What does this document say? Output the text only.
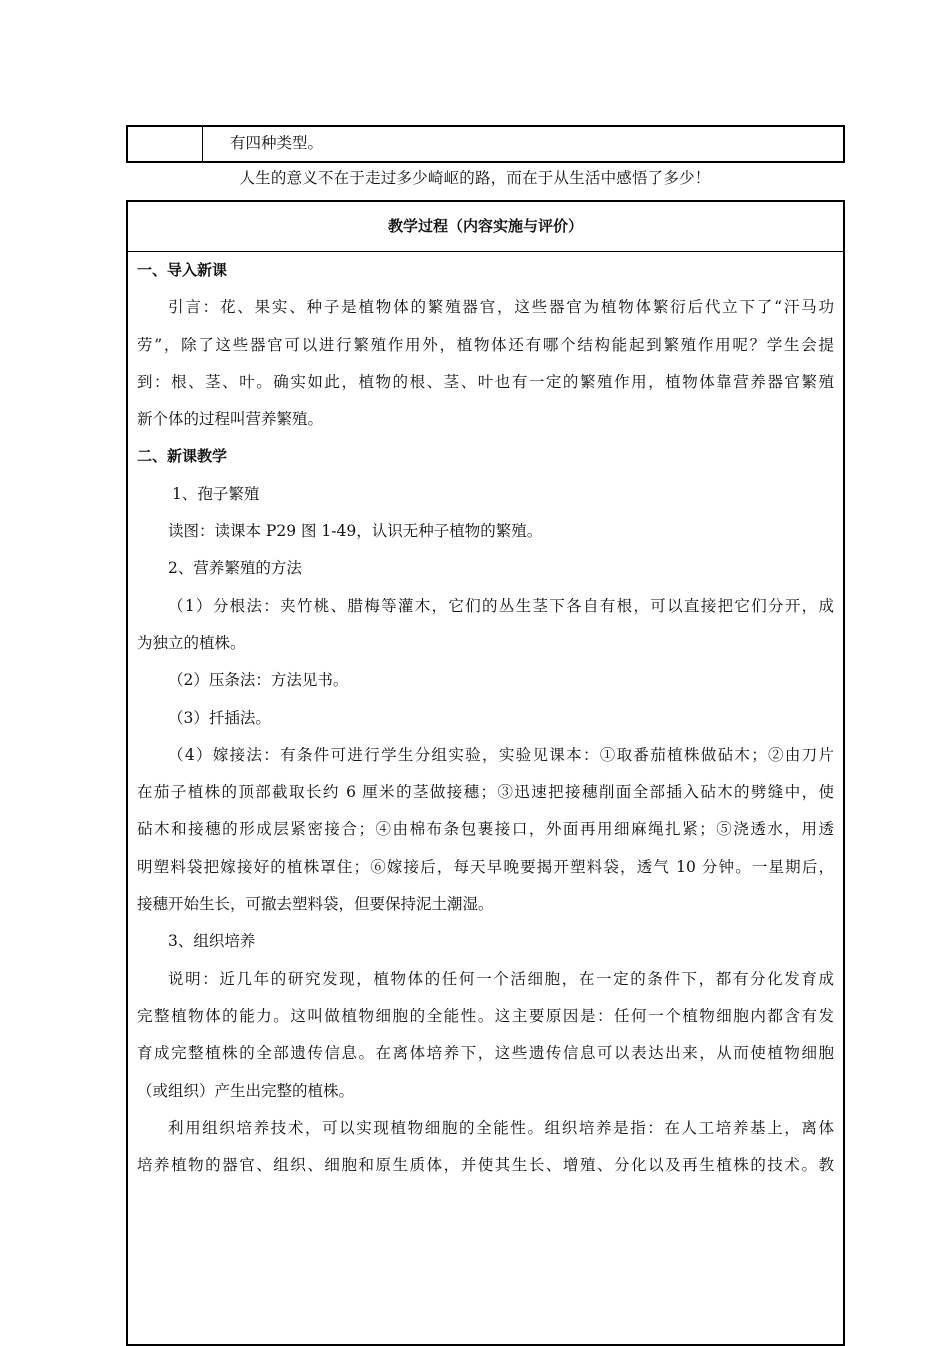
有四种类型。
人生的意义不在于走过多少崎岖的路，而在于从生活中感悟了多少！
教学过程（内容实施与评价）
一、导入新课
引言：花、果实、种子是植物体的繁殖器官，这些器官为植物体繁衍后代立下了“汗马功
劳”，除了这些器官可以进行繁殖作用外，植物体还有哪个结构能起到繁殖作用呢？学生会提
到：根、茎、叶。确实如此，植物的根、茎、叶也有一定的繁殖作用，植物体靠营养器官繁殖
新个体的过程叫营养繁殖。
二、新课教学
1、孢子繁殖
读图：读课本 P29 图 1-49，认识无种子植物的繁殖。
2、营养繁殖的方法
（1）分根法：夹竹桃、腊梅等灌木，它们的丛生茎下各自有根，可以直接把它们分开，成
为独立的植株。
（2）压条法：方法见书。
（3）扦插法。
（4）嫁接法：有条件可进行学生分组实验，实验见课本：①取番茄植株做砧木；②由刀片
在茄子植株的顶部截取长约 6 厘米的茎做接穗；③迅速把接穗削面全部插入砧木的劈缝中，使
砧木和接穗的形成层紧密接合；④由棉布条包裹接口，外面再用细麻绳扎紧；⑤浇透水，用透
明塑料袋把嫁接好的植株罩住；⑥嫁接后，每天早晚要揭开塑料袋，透气 10 分钟。一星期后，
接穗开始生长，可撤去塑料袋，但要保持泥土潮湿。
3、组织培养
说明：近几年的研究发现，植物体的任何一个活细胞，在一定的条件下，都有分化发育成
完整植物体的能力。这叫做植物细胞的全能性。这主要原因是：任何一个植物细胞内都含有发
育成完整植株的全部遗传信息。在离体培养下，这些遗传信息可以表达出来，从而使植物细胞
（或组织）产生出完整的植株。
利用组织培养技术，可以实现植物细胞的全能性。组织培养是指：在人工培养基上，离体
培养植物的器官、组织、细胞和原生质体，并使其生长、增殖、分化以及再生植株的技术。教
